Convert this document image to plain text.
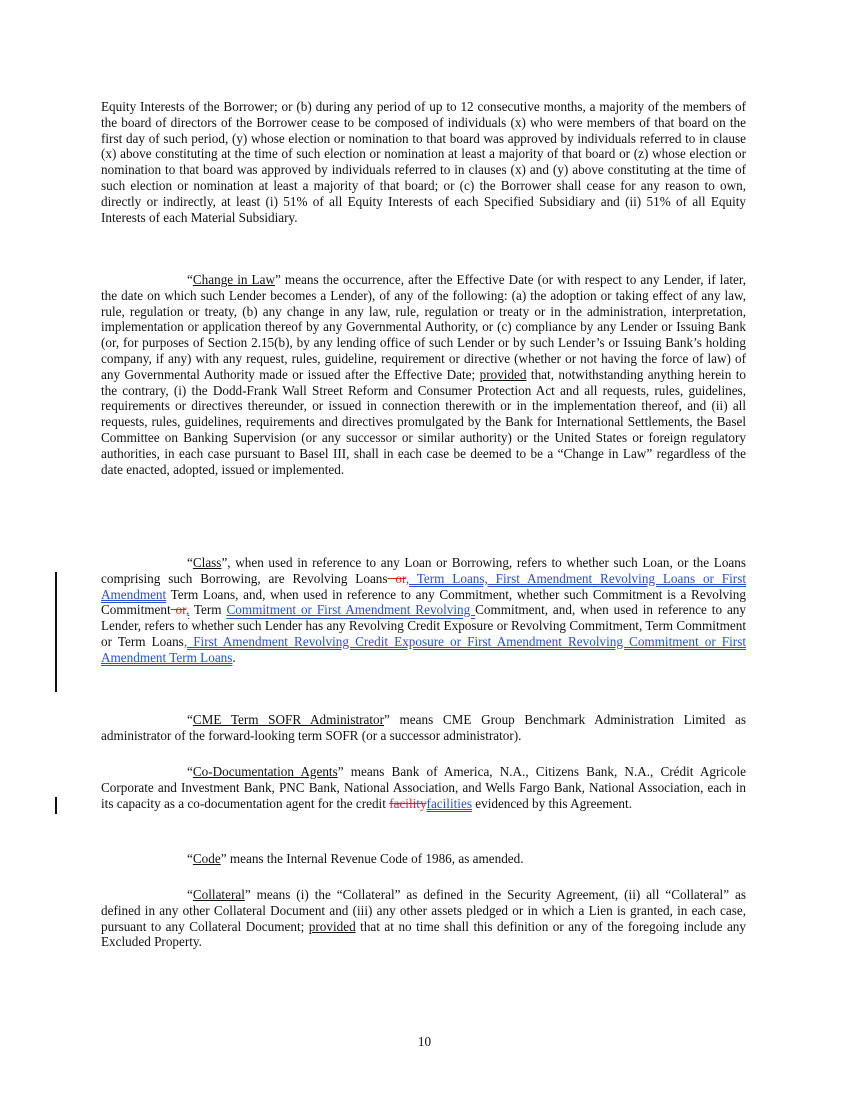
Equity Interests of the Borrower; or (b) during any period of up to 12 consecutive months, a majority of the members of the board of directors of the Borrower cease to be composed of individuals (x) who were members of that board on the first day of such period, (y) whose election or nomination to that board was approved by individuals referred to in clause (x) above constituting at the time of such election or nomination at least a majority of that board or (z) whose election or nomination to that board was approved by individuals referred to in clauses (x) and (y) above constituting at the time of such election or nomination at least a majority of that board; or (c) the Borrower shall cease for any reason to own, directly or indirectly, at least (i) 51% of all Equity Interests of each Specified Subsidiary and (ii) 51% of all Equity Interests of each Material Subsidiary.

“Change in Law” means the occurrence, after the Effective Date (or with respect to any Lender, if later, the date on which such Lender becomes a Lender), of any of the following: (a) the adoption or taking effect of any law, rule, regulation or treaty, (b) any change in any law, rule, regulation or treaty or in the administration, interpretation, implementation or application thereof by any Governmental Authority, or (c) compliance by any Lender or Issuing Bank (or, for purposes of Section 2.15(b), by any lending office of such Lender or by such Lender’s or Issuing Bank’s holding company, if any) with any request, rules, guideline, requirement or directive (whether or not having the force of law) of any Governmental Authority made or issued after the Effective Date; provided that, notwithstanding anything herein to the contrary, (i) the Dodd-Frank Wall Street Reform and Consumer Protection Act and all requests, rules, guidelines, requirements or directives thereunder, or issued in connection therewith or in the implementation thereof, and (ii) all requests, rules, guidelines, requirements and directives promulgated by the Bank for International Settlements, the Basel Committee on Banking Supervision (or any successor or similar authority) or the United States or foreign regulatory authorities, in each case pursuant to Basel III, shall in each case be deemed to be a “Change in Law” regardless of the date enacted, adopted, issued or implemented.

“Class”, when used in reference to any Loan or Borrowing, refers to whether such Loan, or the Loans comprising such Borrowing, are Revolving Loans or, Term Loans, First Amendment Revolving Loans or First Amendment Term Loans, and, when used in reference to any Commitment, whether such Commitment is a Revolving Commitment or, Term Commitment or First Amendment Revolving Commitment, and, when used in reference to any Lender, refers to whether such Lender has any Revolving Credit Exposure or Revolving Commitment, Term Commitment or Term Loans, First Amendment Revolving Credit Exposure or First Amendment Revolving Commitment or First Amendment Term Loans.

“CME Term SOFR Administrator” means CME Group Benchmark Administration Limited as administrator of the forward-looking term SOFR (or a successor administrator).

“Co-Documentation Agents” means Bank of America, N.A., Citizens Bank, N.A., Crédit Agricole Corporate and Investment Bank, PNC Bank, National Association, and Wells Fargo Bank, National Association, each in its capacity as a co-documentation agent for the credit facilityfacilities evidenced by this Agreement.

“Code” means the Internal Revenue Code of 1986, as amended.

“Collateral” means (i) the “Collateral” as defined in the Security Agreement, (ii) all “Collateral” as defined in any other Collateral Document and (iii) any other assets pledged or in which a Lien is granted, in each case, pursuant to any Collateral Document; provided that at no time shall this definition or any of the foregoing include any Excluded Property.

10
